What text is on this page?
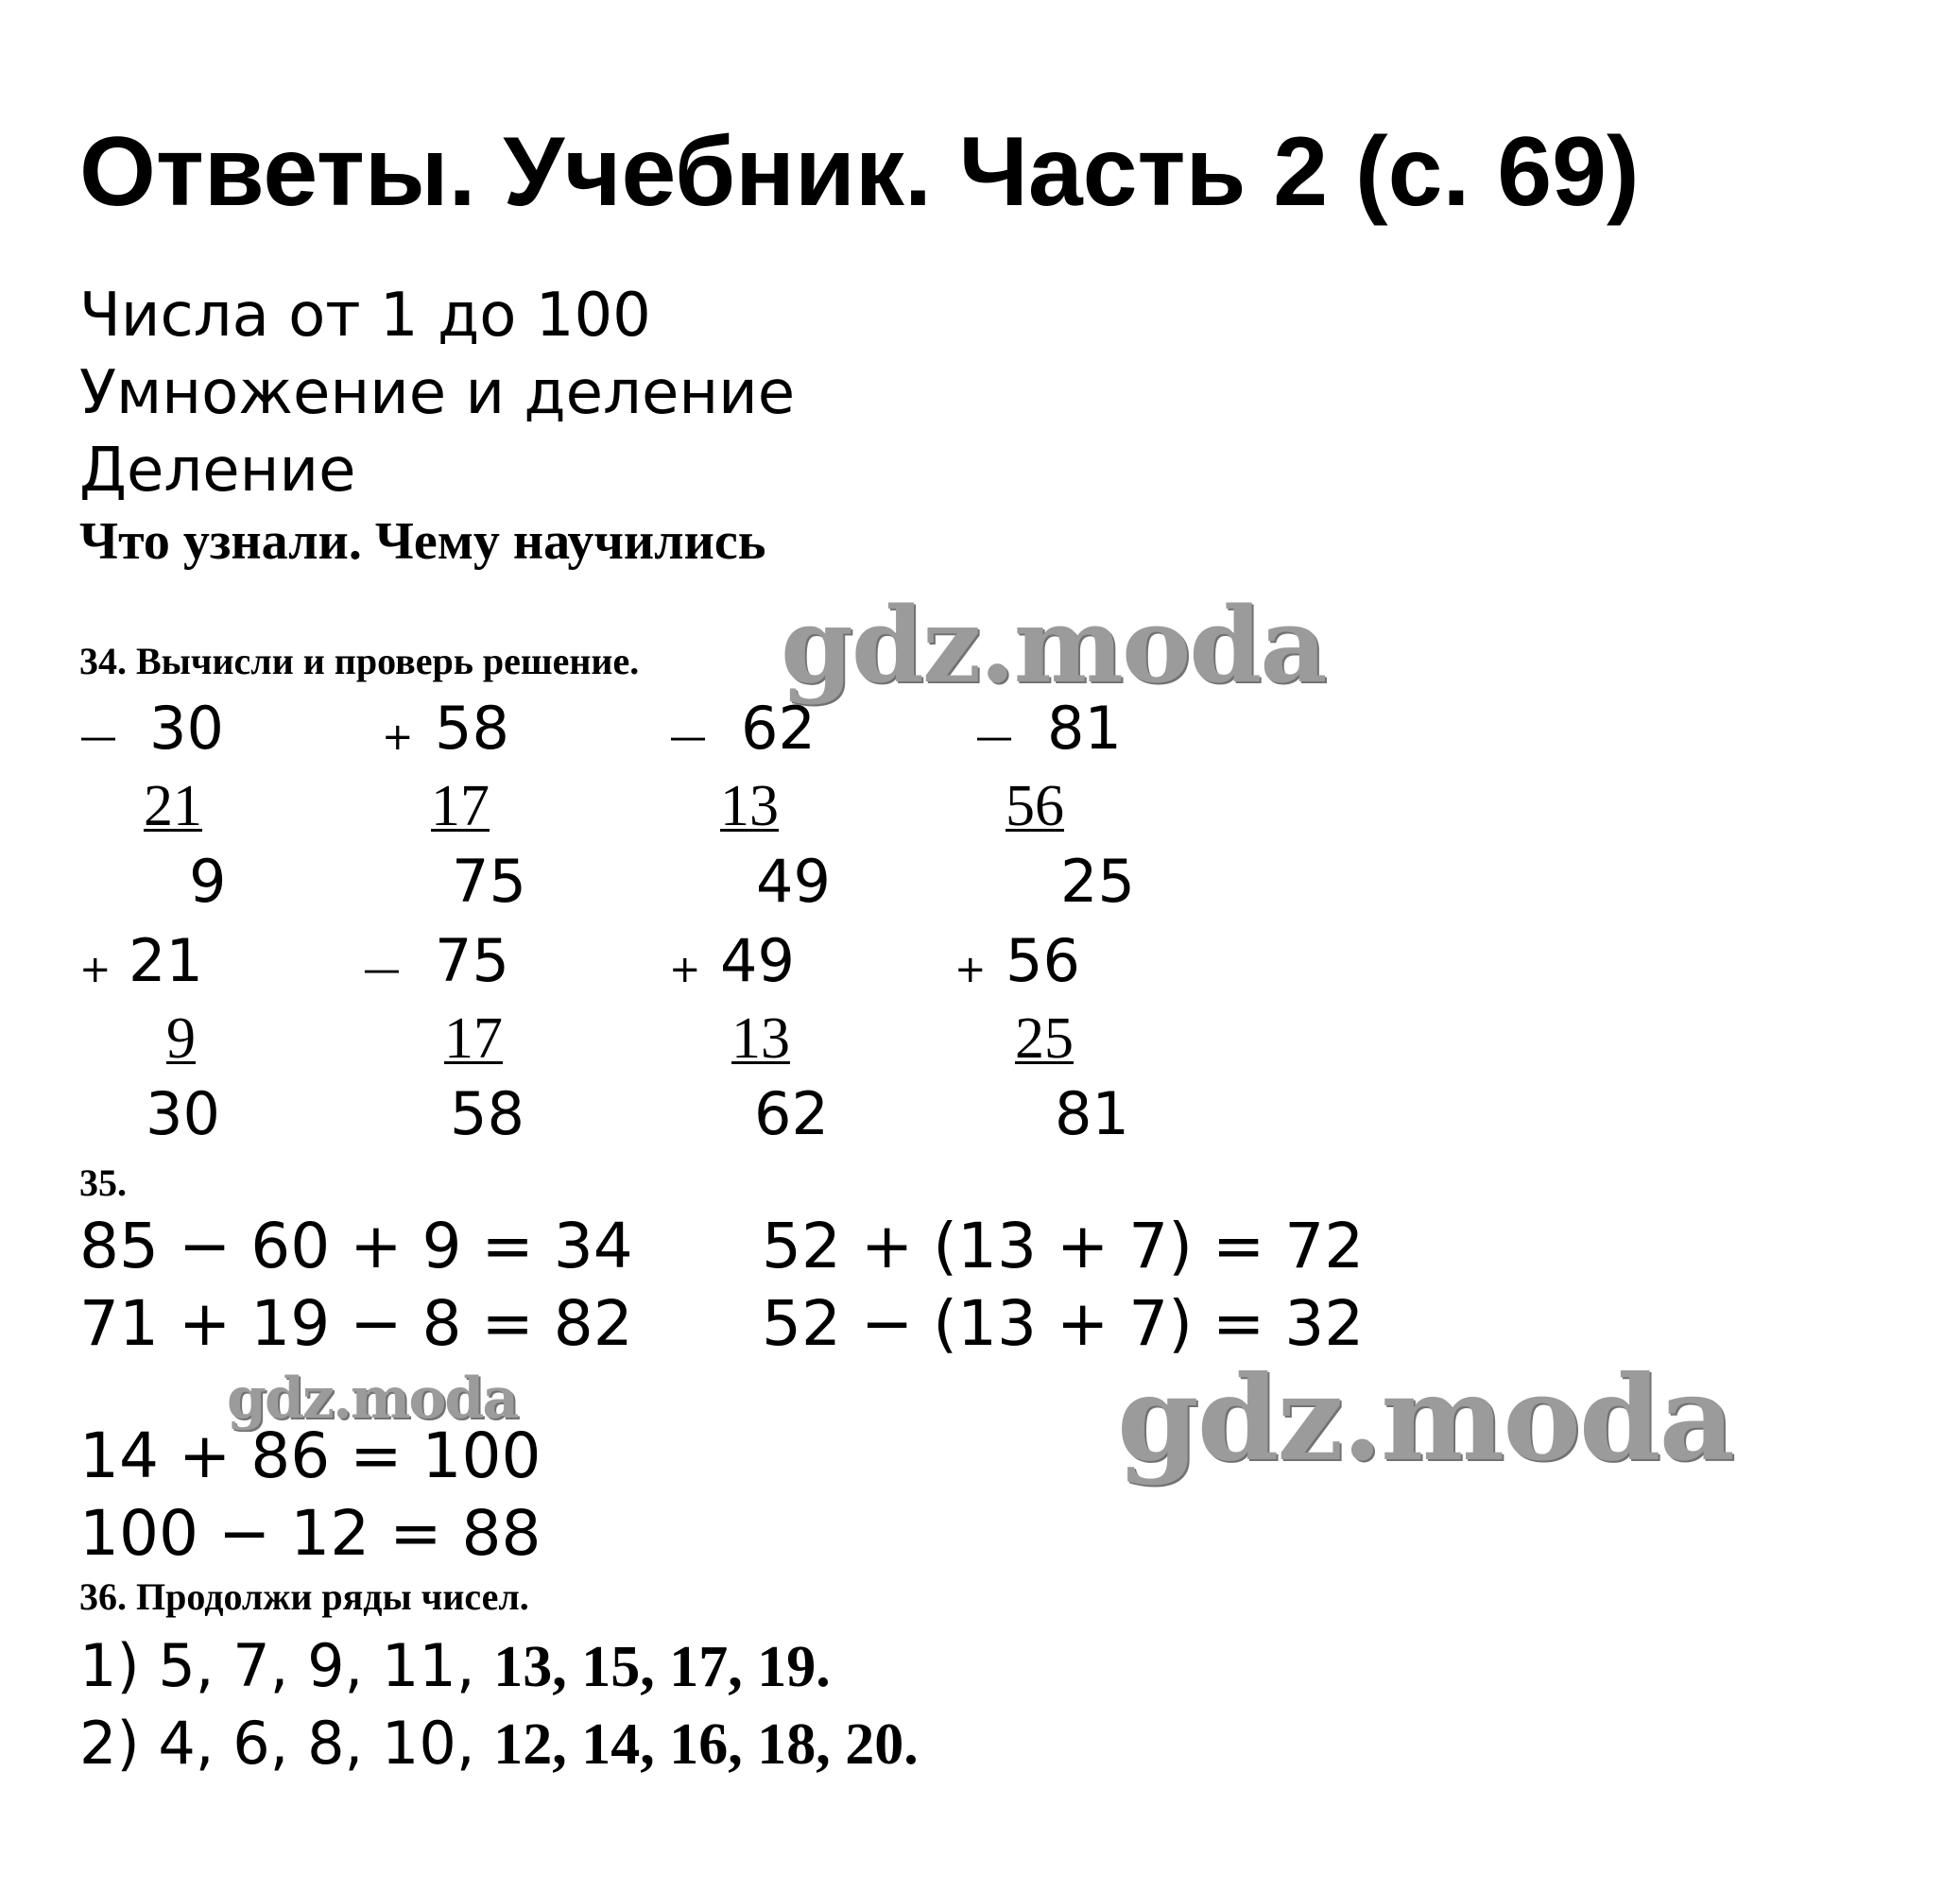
Ответы. Учебник. Часть 2 (с. 69)
Числа от 1 до 100
Умножение и деление
Деление
Что узнали. Чему научились
34. Вычисли и проверь решение.
— 30
21
9
+ 58
17
75
— 62
13
49
— 81
56
25
+ 21
9
30
— 75
17
58
+ 49
13
62
+ 56
25
81
35.
85 − 60 + 9 = 34
71 + 19 − 8 = 82
52 + (13 + 7) = 72
52 − (13 + 7) = 32
14 + 86 = 100
100 − 12 = 88
36. Продолжи ряды чисел.
1) 5, 7, 9, 11, 13, 15, 17, 19.
2) 4, 6, 8, 10, 12, 14, 16, 18, 20.
gdz.moda
gdz.moda	gdz.moda
